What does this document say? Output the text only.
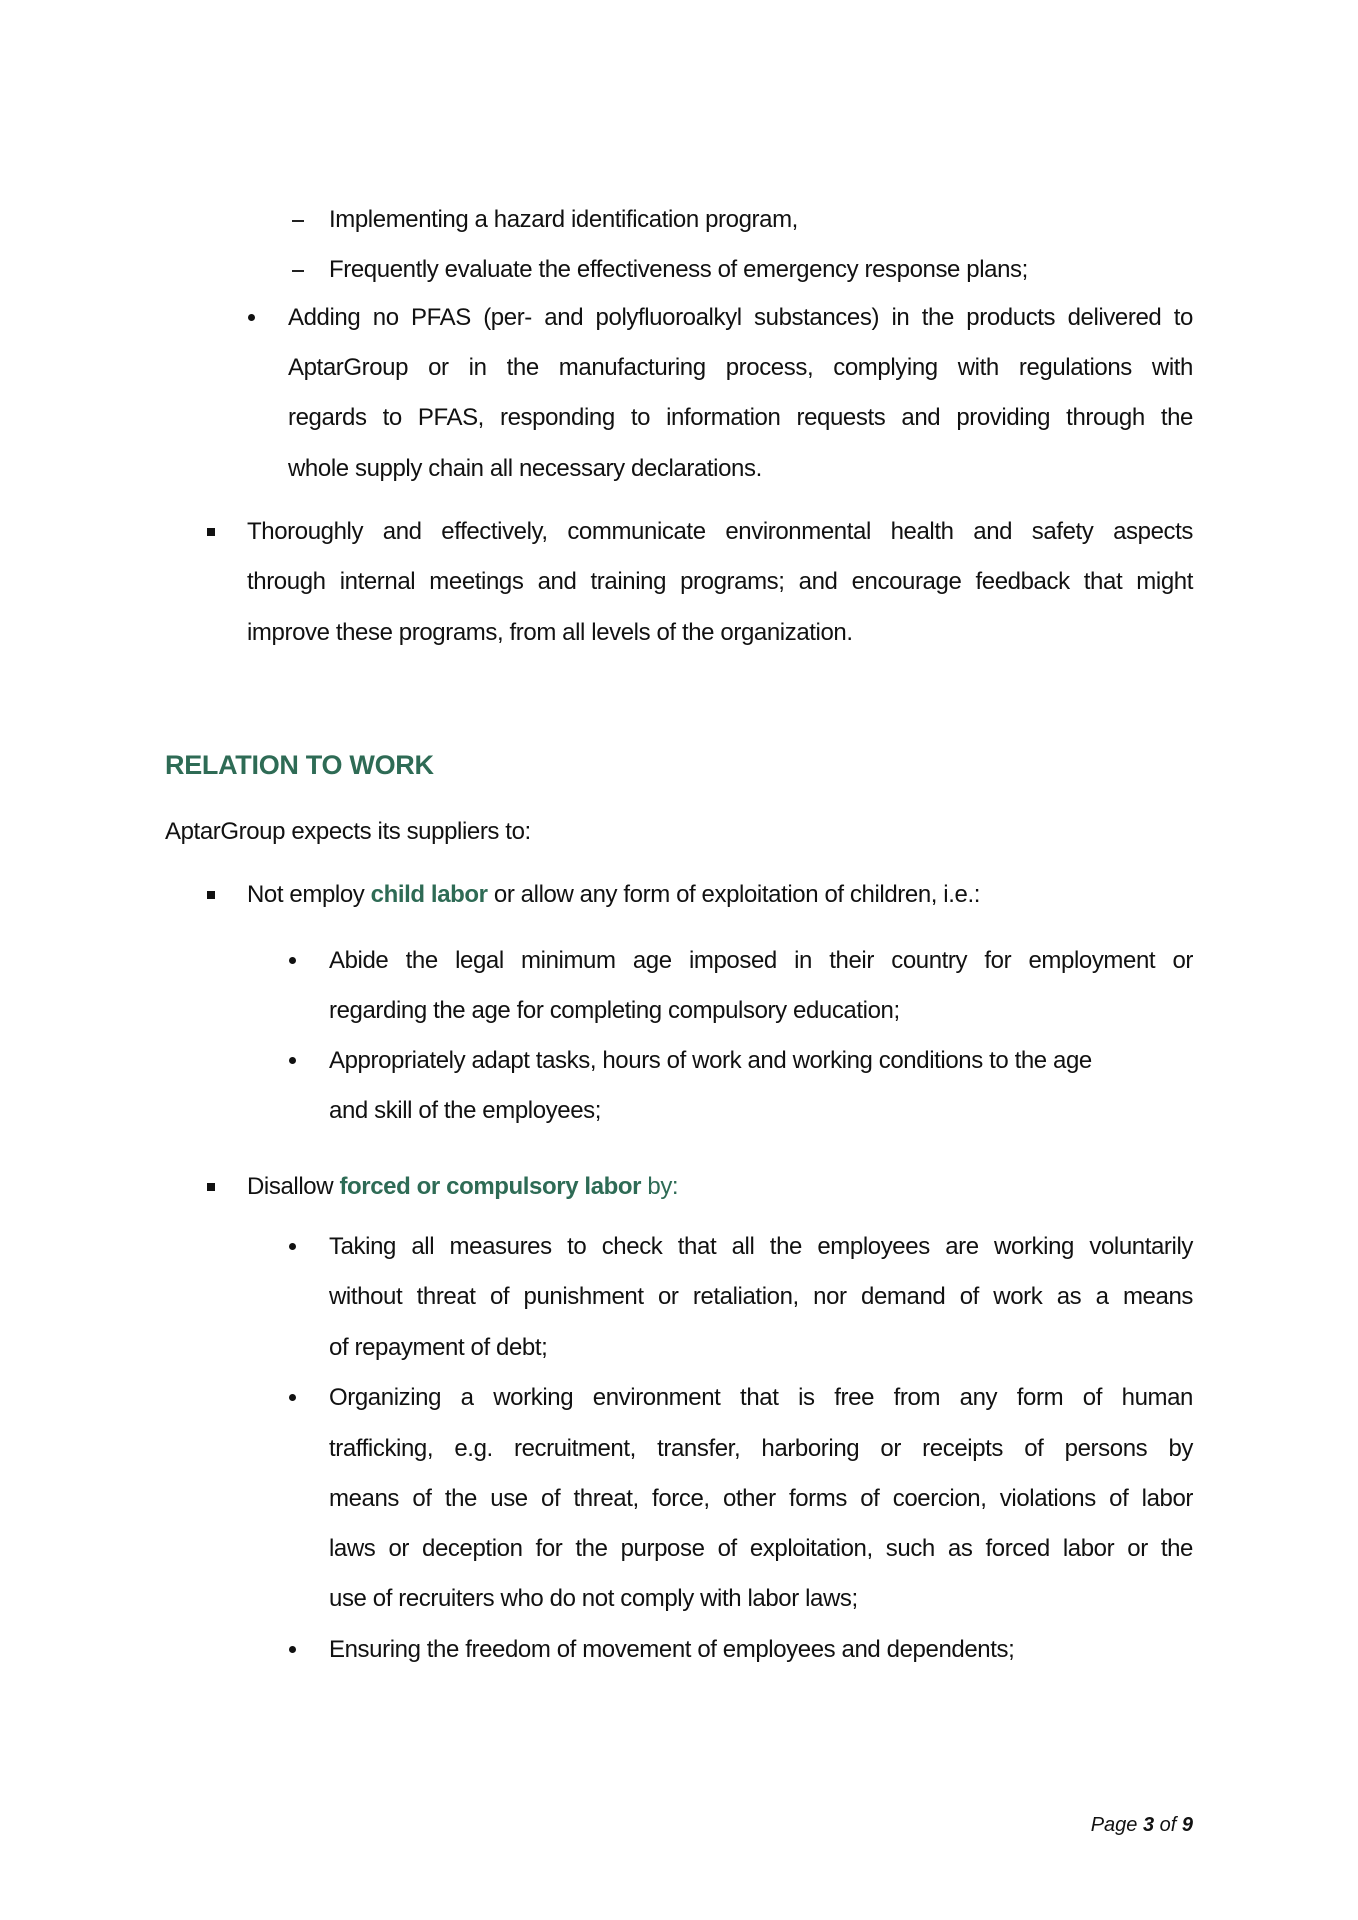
Implementing a hazard identification program,
Frequently evaluate the effectiveness of emergency response plans;
Adding no PFAS (per- and polyfluoroalkyl substances) in the products delivered to
AptarGroup or in the manufacturing process, complying with regulations with
regards to PFAS, responding to information requests and providing through the
whole supply chain all necessary declarations.
Thoroughly and effectively, communicate environmental health and safety aspects
through internal meetings and training programs; and encourage feedback that might
improve these programs, from all levels of the organization.
RELATION TO WORK
AptarGroup expects its suppliers to:
Not employ child labor or allow any form of exploitation of children, i.e.:
Abide the legal minimum age imposed in their country for employment or
regarding the age for completing compulsory education;
Appropriately adapt tasks, hours of work and working conditions to the age
and skill of the employees;
Disallow forced or compulsory labor by:
Taking all measures to check that all the employees are working voluntarily
without threat of punishment or retaliation, nor demand of work as a means
of repayment of debt;
Organizing a working environment that is free from any form of human
trafficking, e.g. recruitment, transfer, harboring or receipts of persons by
means of the use of threat, force, other forms of coercion, violations of labor
laws or deception for the purpose of exploitation, such as forced labor or the
use of recruiters who do not comply with labor laws;
Ensuring the freedom of movement of employees and dependents;
Page 3 of 9
